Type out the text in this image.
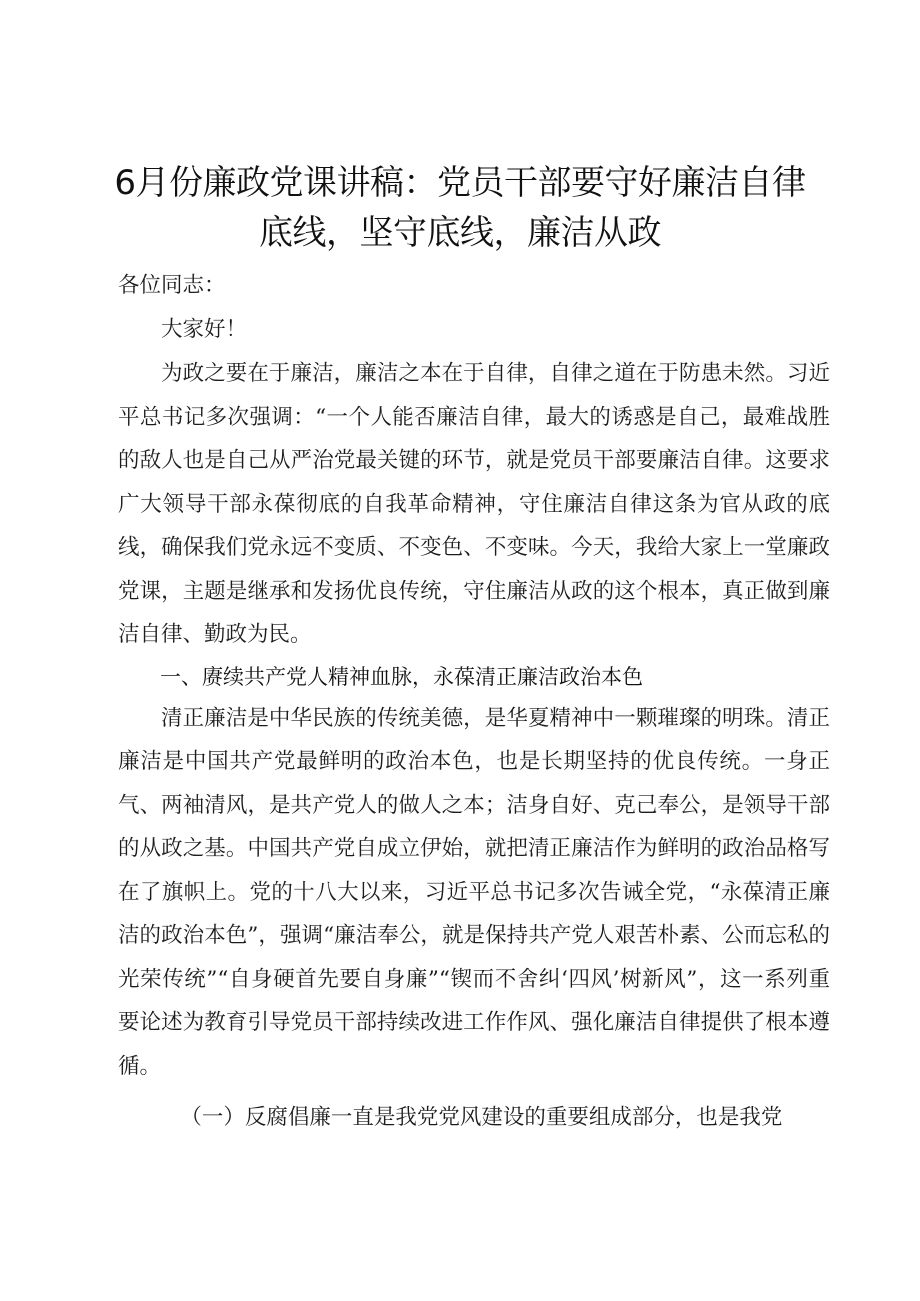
6月份廉政党课讲稿：党员干部要守好廉洁自律底线，坚守底线，廉洁从政

各位同志：

大家好！

为政之要在于廉洁，廉洁之本在于自律，自律之道在于防患未然。习近平总书记多次强调：“一个人能否廉洁自律，最大的诱惑是自己，最难战胜的敌人也是自己从严治党最关键的环节，就是党员干部要廉洁自律。这要求广大领导干部永葆彻底的自我革命精神，守住廉洁自律这条为官从政的底线，确保我们党永远不变质、不变色、不变味。今天，我给大家上一堂廉政党课，主题是继承和发扬优良传统，守住廉洁从政的这个根本，真正做到廉洁自律、勤政为民。

一、赓续共产党人精神血脉，永葆清正廉洁政治本色

清正廉洁是中华民族的传统美德，是华夏精神中一颗璀璨的明珠。清正廉洁是中国共产党最鲜明的政治本色，也是长期坚持的优良传统。一身正气、两袖清风，是共产党人的做人之本；洁身自好、克己奉公，是领导干部的从政之基。中国共产党自成立伊始，就把清正廉洁作为鲜明的政治品格写在了旗帜上。党的十八大以来，习近平总书记多次告诫全党，“永葆清正廉洁的政治本色”，强调“廉洁奉公，就是保持共产党人艰苦朴素、公而忘私的光荣传统”“自身硬首先要自身廉”“锲而不舍纠‘四风’树新风”，这一系列重要论述为教育引导党员干部持续改进工作作风、强化廉洁自律提供了根本遵循。

（一）反腐倡廉一直是我党党风建设的重要组成部分，也是我党
